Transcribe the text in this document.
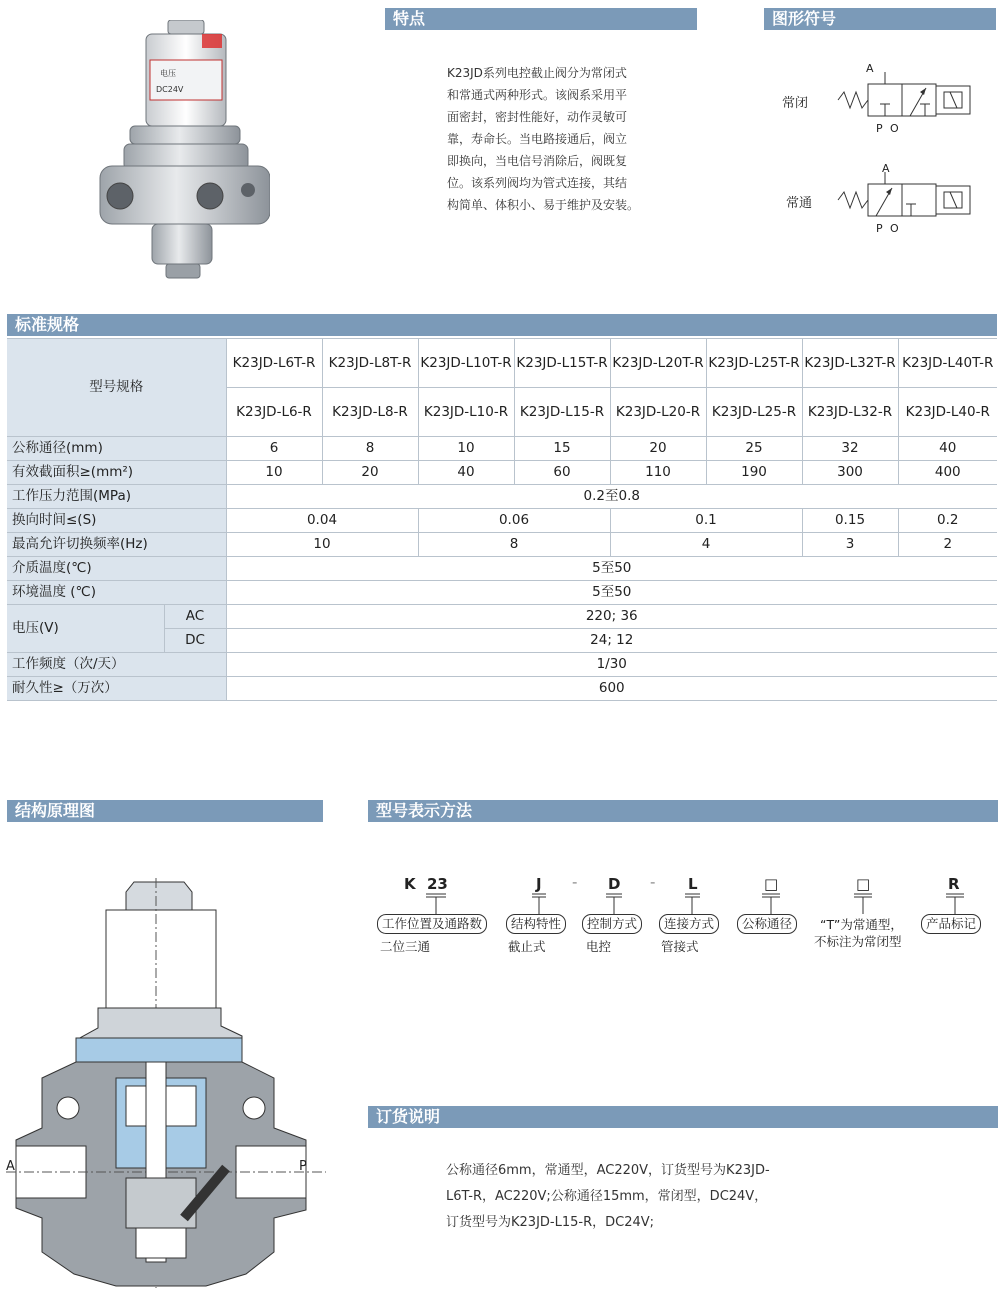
电压
DC24V
特点
K23JD系列电控截止阀分为常闭式
和常通式两种形式。该阀系采用平
面密封，密封性能好，动作灵敏可
靠，寿命长。当电路接通后，阀立
即换向，当电信号消除后，阀既复
位。该系列阀均为管式连接，其结
构简单、体积小、易于维护及安装。
图形符号
常闭
常通
A
P O
A
P O
标准规格
型号规格		K23JD-L6T-R	K23JD-L8T-R	K23JD-L10T-R	K23JD-L15T-R	K23JD-L20T-R	K23JD-L25T-R	K23JD-L32T-R	K23JD-L40T-R
		K23JD-L6-R	K23JD-L8-R	K23JD-L10-R	K23JD-L15-R	K23JD-L20-R	K23JD-L25-R	K23JD-L32-R	K23JD-L40-R
公称通径(mm)		6	8	10	15	20	25	32	40
有效截面积≥(mm²)		10	20	40	60	110	190	300	400
工作压力范围(MPa)		0.2至0.8							
换向时间≤(S)		0.04		0.06		0.1		0.15	0.2
最高允许切换频率(Hz)		10		8		4		3	2
介质温度(℃)		5至50							
环境温度 (℃)		5至50							
电压(V)	AC	220; 36							
	DC	24; 12							
工作频度（次/天）		1/30							
耐久性≥（万次）		600							
结构原理图
A	P
型号表示方法
K 23	J - D - L	□	□	R
工作位置及通路数	结构特性	控制方式	连接方式	公称通径	“T”为常通型，
不标注为常闭型
产品标记
二位三通	截止式	电控	管接式
订货说明
公称通径6mm，常通型，AC220V，订货型号为K23JD-L6T-R，AC220V;公称通径15mm，常闭型，DC24V，订货型号为K23JD-L15-R，DC24V;
